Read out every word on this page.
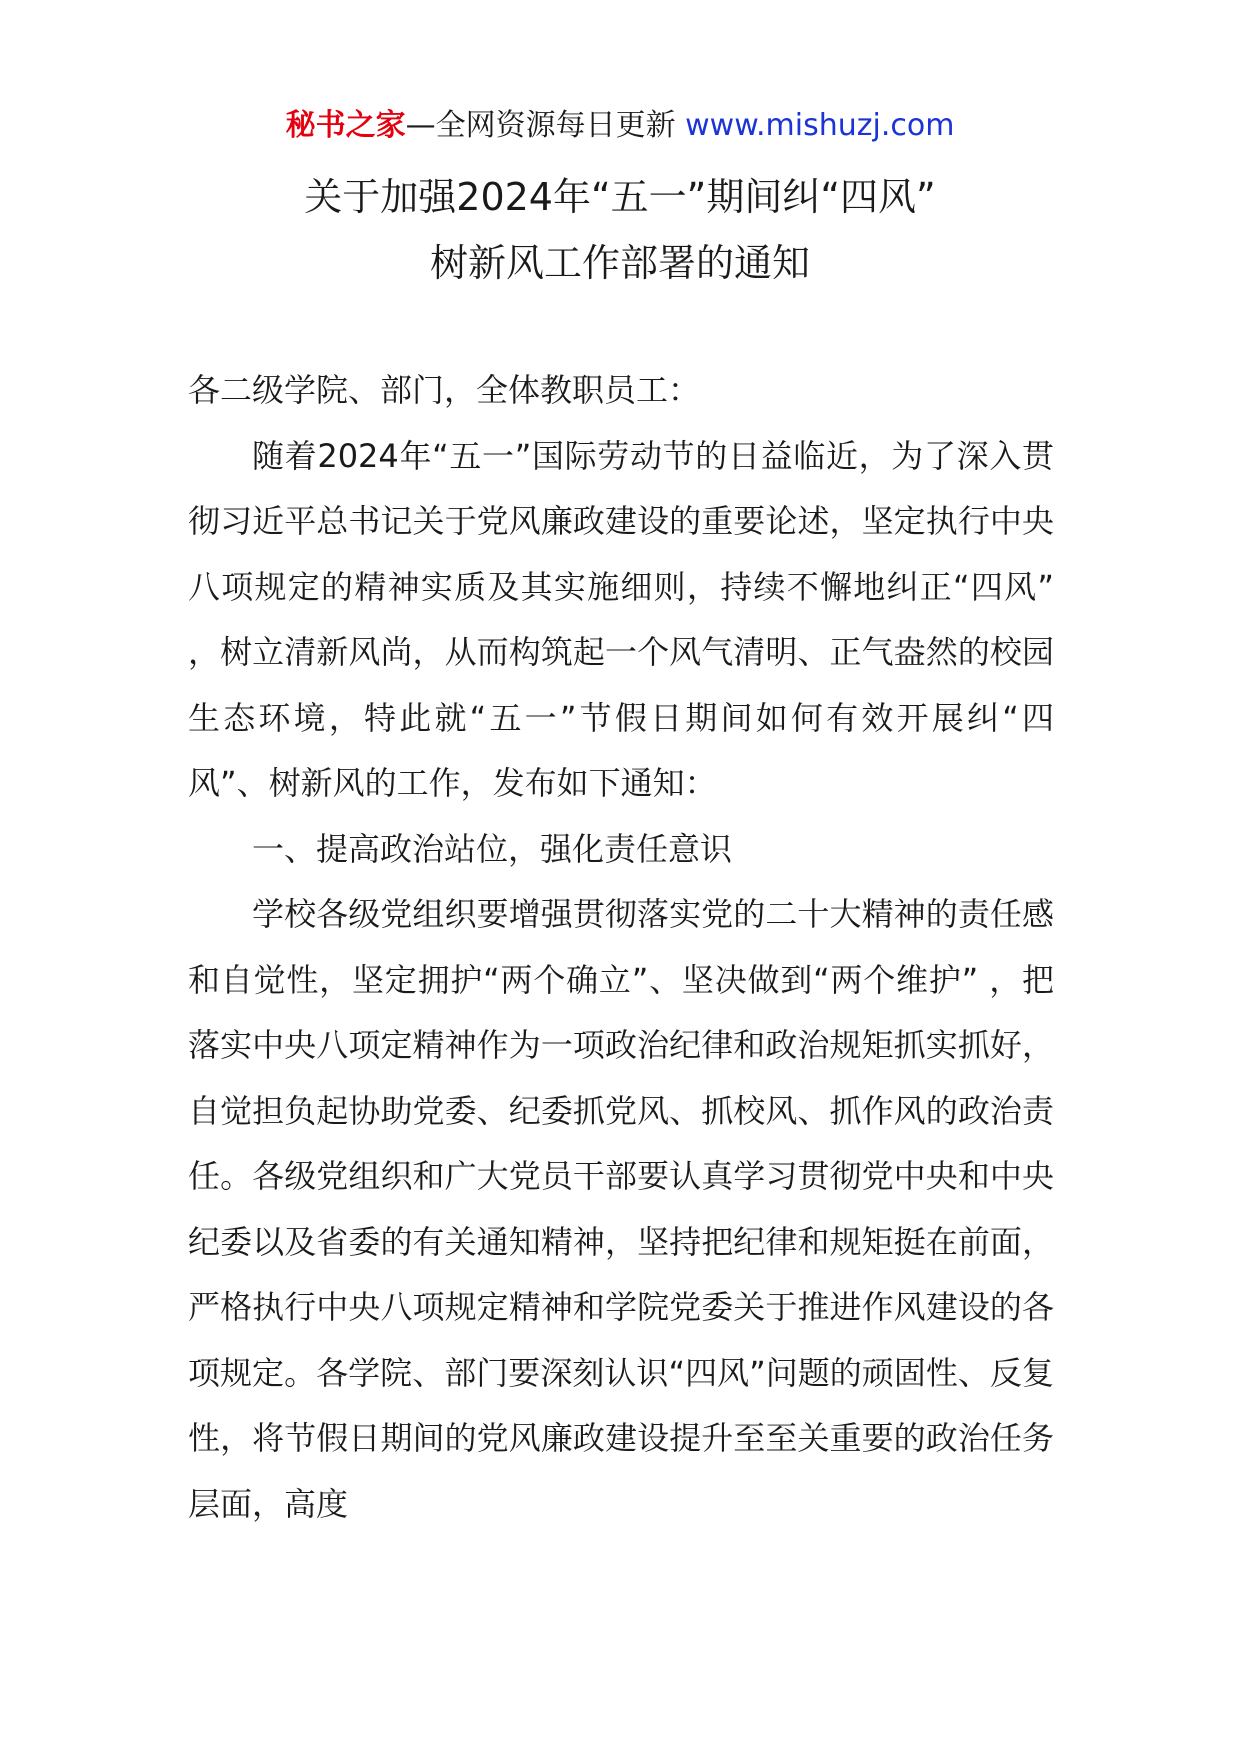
秘书之家—全网资源每日更新 www.mishuzj.com
关于加强2024年“五一”期间纠“四风”
树新风工作部署的通知

各二级学院、部门，全体教职员工：

随着2024年“五一”国际劳动节的日益临近，为了深入贯彻习近平总书记关于党风廉政建设的重要论述，坚定执行中央八项规定的精神实质及其实施细则，持续不懈地纠正“四风” ，树立清新风尚，从而构筑起一个风气清明、正气盎然的校园生态环境，特此就“五一”节假日期间如何有效开展纠“四风”、树新风的工作，发布如下通知：

一、提高政治站位，强化责任意识

学校各级党组织要增强贯彻落实党的二十大精神的责任感和自觉性，坚定拥护“两个确立”、坚决做到“两个维护” ，把落实中央八项定精神作为一项政治纪律和政治规矩抓实抓好，自觉担负起协助党委、纪委抓党风、抓校风、抓作风的政治责任。各级党组织和广大党员干部要认真学习贯彻党中央和中央纪委以及省委的有关通知精神，坚持把纪律和规矩挺在前面，严格执行中央八项规定精神和学院党委关于推进作风建设的各项规定。各学院、部门要深刻认识“四风”问题的顽固性、反复性，将节假日期间的党风廉政建设提升至至关重要的政治任务层面，高度
